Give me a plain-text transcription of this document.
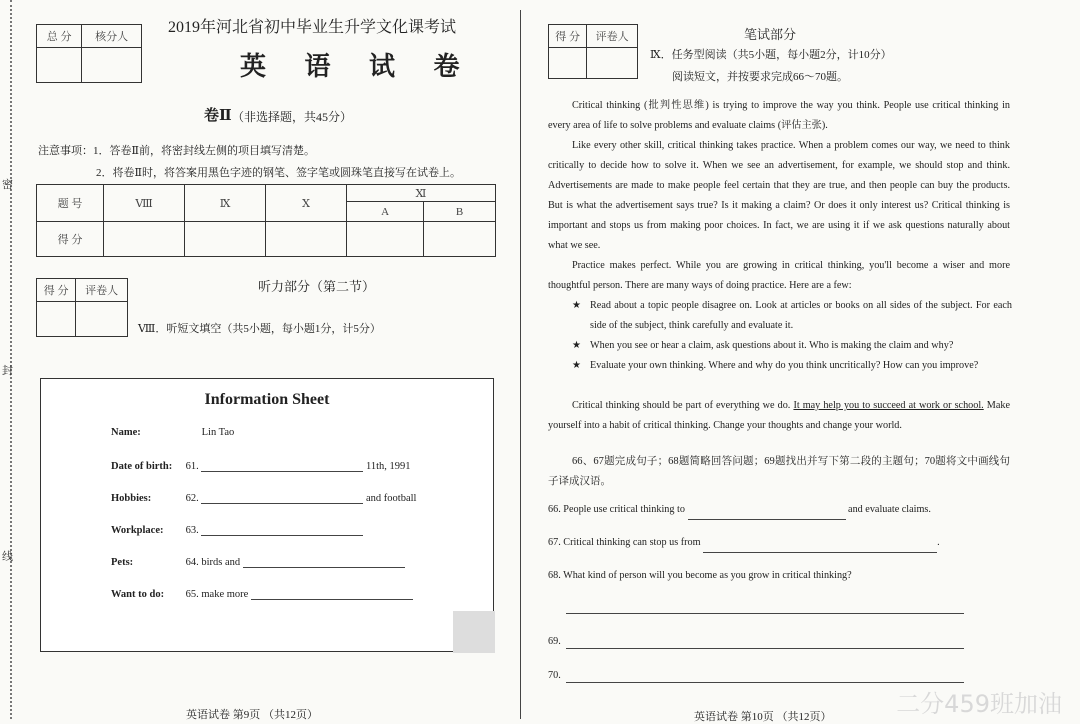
密
封
线
总 分	核分人

2019年河北省初中毕业生升学文化课考试
英 语 试 卷
卷Ⅱ （非选择题，共45分）
注意事项：1．答卷Ⅱ前，将密封线左侧的项目填写清楚。
2．将卷Ⅱ时，将答案用黑色字迹的钢笔、签字笔或圆珠笔直接写在试卷上。
题 号	Ⅷ	Ⅸ	Ⅹ	Ⅺ	
				A	B
得 分					
得 分	评卷人
		听力部分（第二节）
Ⅷ．听短文填空（共5小题，每小题1分，计5分）
Information Sheet
Name:	Lin Tao
Date of birth: 61.	11th, 1991
Hobbies:	62.	and football
Workplace: 63.
Pets:	64. birds and
Want to do: 65. make more
英语试卷 第9页 （共12页）
得 分	评卷人
		笔试部分
Ⅸ．任务型阅读（共5小题，每小题2分，计10分）
阅读短文，并按要求完成66～70题。
Critical thinking (批判性思维) is trying to improve the way you think. People use critical thinking in every area of life to solve problems and evaluate claims (评估主张).
Like every other skill, critical thinking takes practice. When a problem comes our way, we need to think critically to decide how to solve it. When we see an advertisement, for example, we should stop and think. Advertisements are made to make people feel certain that they are true, and then people can buy the products. But is what the advertisement says true? Is it making a claim? Or does it only interest us? Critical thinking is important and stops us from making poor choices. In fact, we are using it if we ask questions naturally about what we see.
Practice makes perfect. While you are growing in critical thinking, you'll become a wiser and more thoughtful person. There are many ways of doing practice. Here are a few:
★ Read about a topic people disagree on. Look at articles or books on all sides of the subject. For each side of the subject, think carefully and evaluate it.
★ When you see or hear a claim, ask questions about it. Who is making the claim and why?
★ Evaluate your own thinking. Where and why do you think uncritically? How can you improve?
Critical thinking should be part of everything we do. It may help you to succeed at work or school. Make yourself into a habit of critical thinking. Change your thoughts and change your world.
66、67题完成句子；68题简略回答问题；69题找出并写下第二段的主题句；70题将文中画线句子译成汉语。
66. People use critical thinking to	and evaluate claims.
67. Critical thinking can stop us from	.
68. What kind of person will you become as you grow in critical thinking?
69.
70.
英语试卷 第10页 （共12页）	二分459班加油
